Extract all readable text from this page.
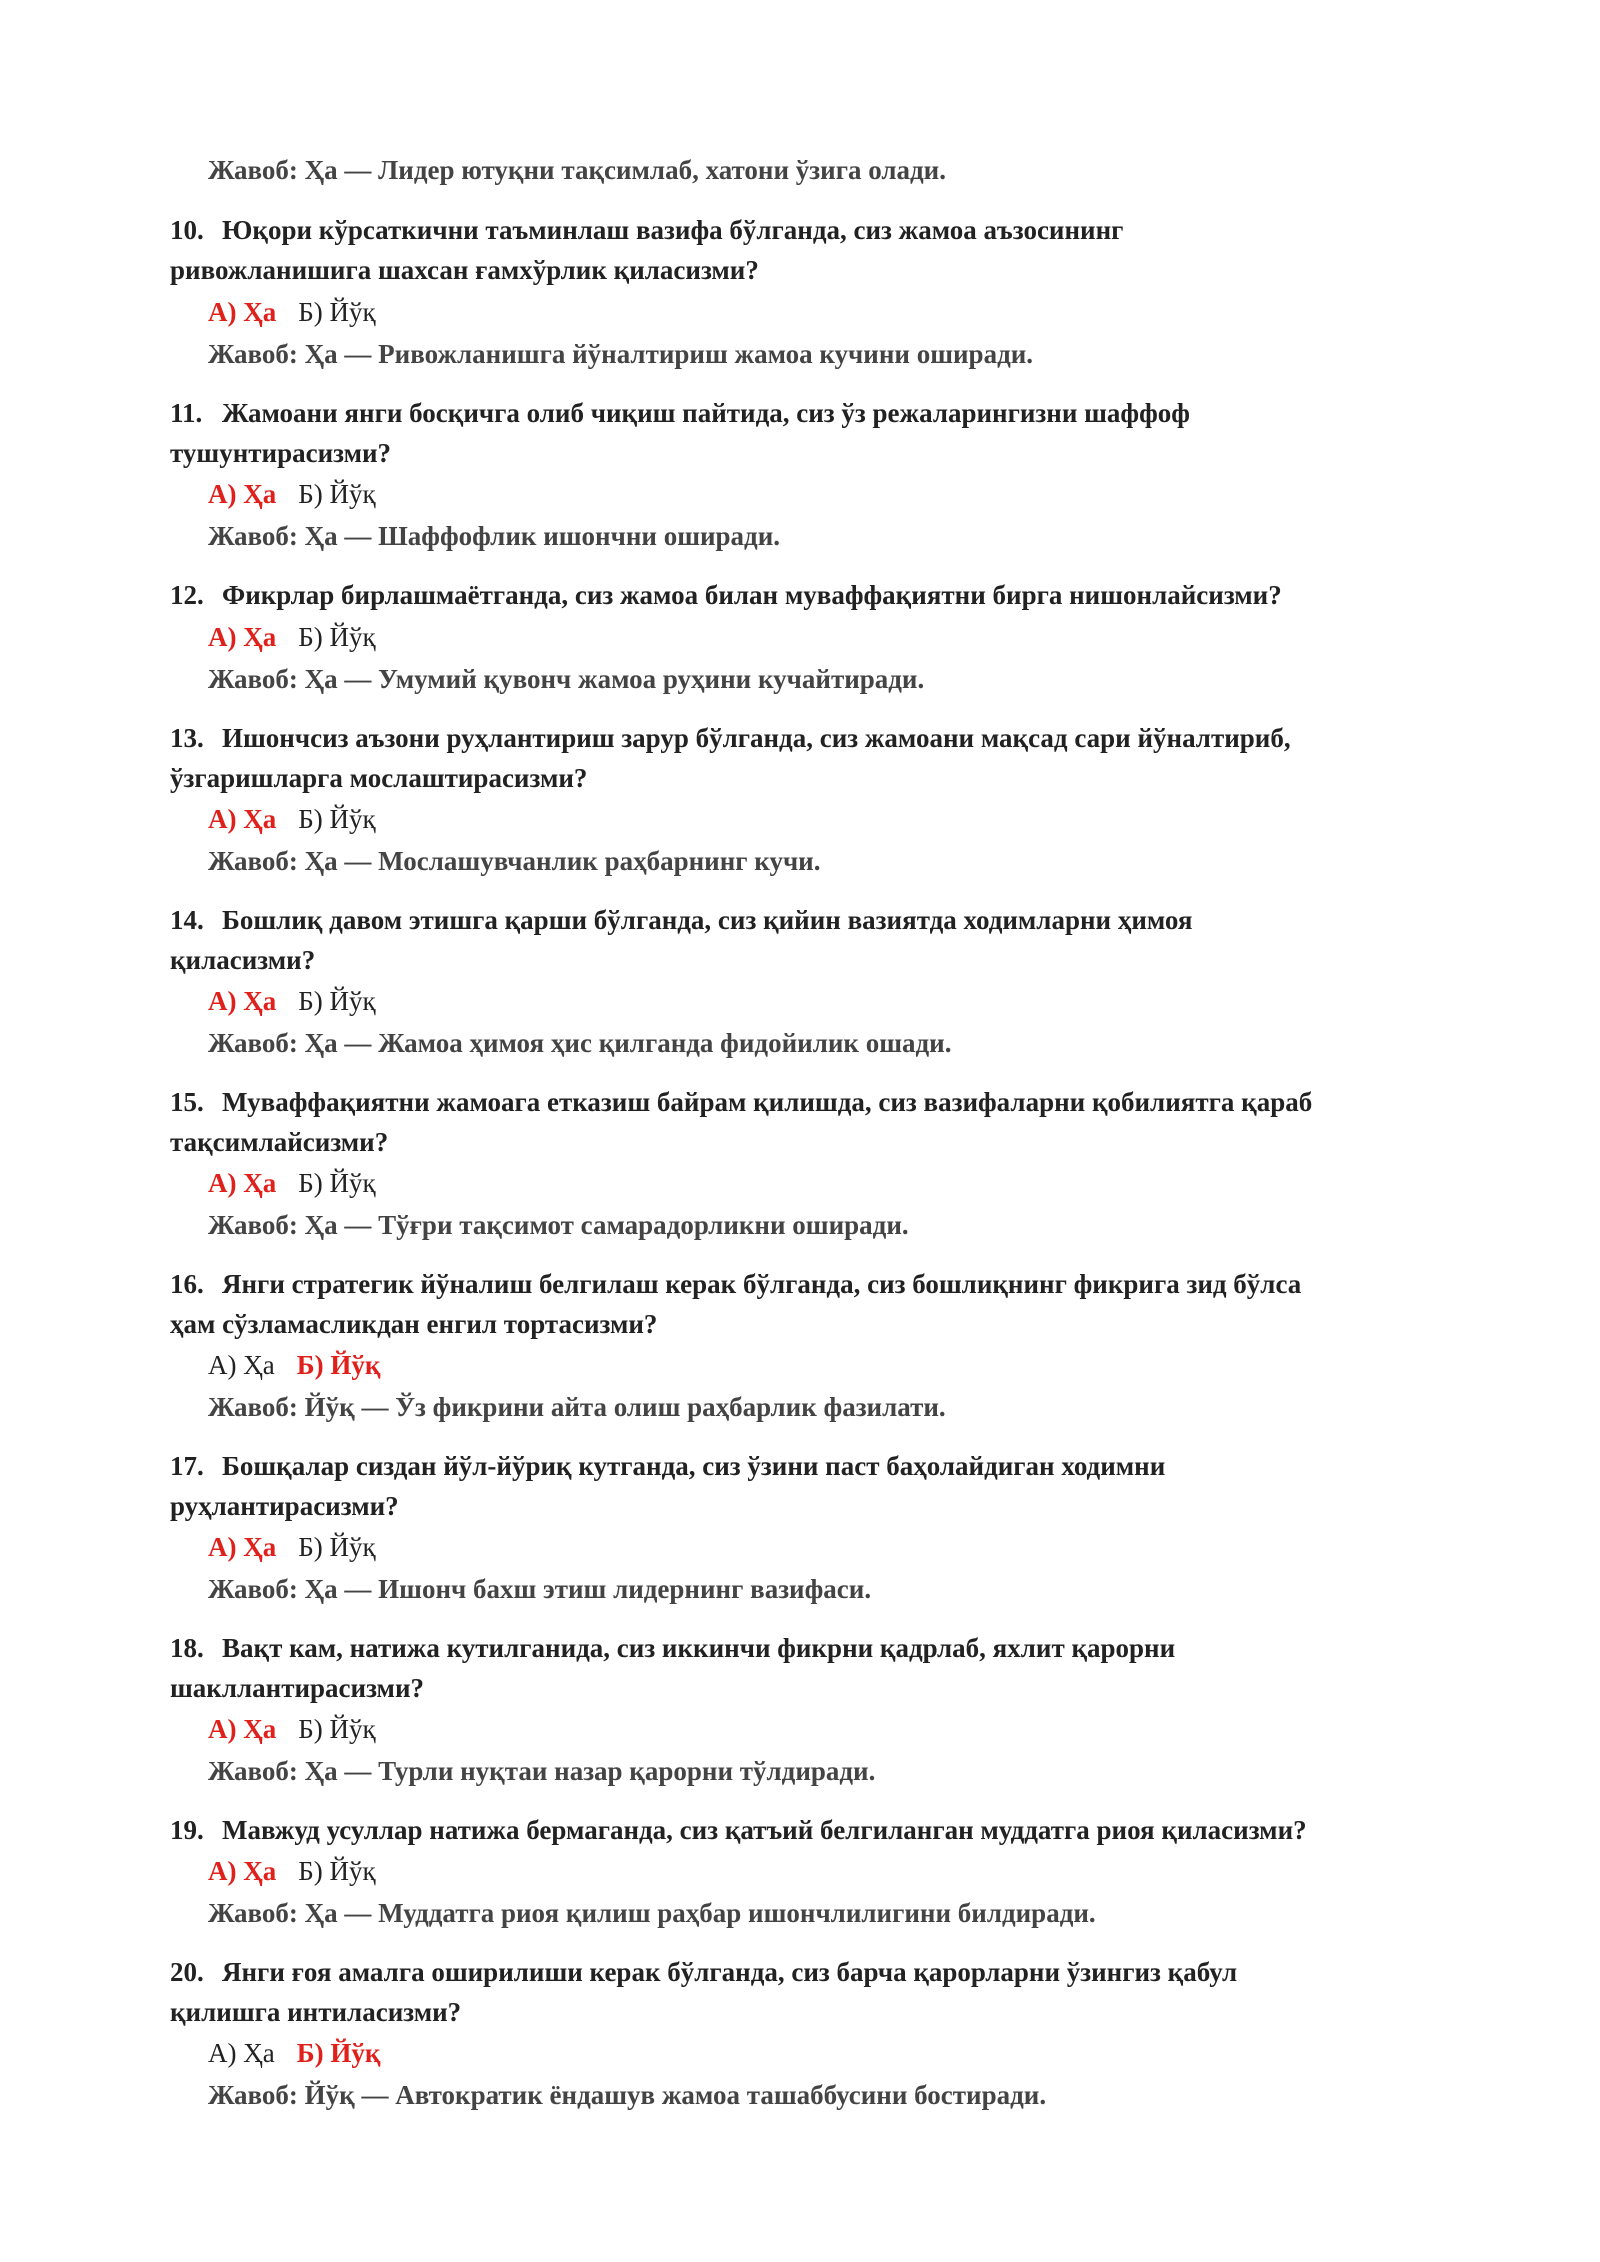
Жавоб: Ҳа — Лидер ютуқни тақсимлаб, хатони ўзига олади.
10. Юқори кўрсаткични таъминлаш вазифа бўлганда, сиз жамоа аъзосининг
ривожланишига шахсан ғамхўрлик қиласизми?
А) Ҳа Б) Йўқ
Жавоб: Ҳа — Ривожланишга йўналтириш жамоа кучини оширади.
11. Жамоани янги босқичга олиб чиқиш пайтида, сиз ўз режаларингизни шаффоф
тушунтирасизми?
А) Ҳа Б) Йўқ
Жавоб: Ҳа — Шаффофлик ишончни оширади.
12. Фикрлар бирлашмаётганда, сиз жамоа билан муваффақиятни бирга нишонлайсизми?
А) Ҳа Б) Йўқ
Жавоб: Ҳа — Умумий қувонч жамоа руҳини кучайтиради.
13. Ишончсиз аъзони руҳлантириш зарур бўлганда, сиз жамоани мақсад сари йўналтириб,
ўзгаришларга мослаштирасизми?
А) Ҳа Б) Йўқ
Жавоб: Ҳа — Мослашувчанлик раҳбарнинг кучи.
14. Бошлиқ давом этишга қарши бўлганда, сиз қийин вазиятда ходимларни ҳимоя
қиласизми?
А) Ҳа Б) Йўқ
Жавоб: Ҳа — Жамоа ҳимоя ҳис қилганда фидойилик ошади.
15. Муваффақиятни жамоага етказиш байрам қилишда, сиз вазифаларни қобилиятга қараб
тақсимлайсизми?
А) Ҳа Б) Йўқ
Жавоб: Ҳа — Тўғри тақсимот самарадорликни оширади.
16. Янги стратегик йўналиш белгилаш керак бўлганда, сиз бошлиқнинг фикрига зид бўлса
ҳам сўзламасликдан енгил тортасизми?
А) Ҳа Б) Йўқ
Жавоб: Йўқ — Ўз фикрини айта олиш раҳбарлик фазилати.
17. Бошқалар сиздан йўл-йўриқ кутганда, сиз ўзини паст баҳолайдиган ходимни
руҳлантирасизми?
А) Ҳа Б) Йўқ
Жавоб: Ҳа — Ишонч бахш этиш лидернинг вазифаси.
18. Вақт кам, натижа кутилганида, сиз иккинчи фикрни қадрлаб, яхлит қарорни
шакллантирасизми?
А) Ҳа Б) Йўқ
Жавоб: Ҳа — Турли нуқтаи назар қарорни тўлдиради.
19. Мавжуд усуллар натижа бермаганда, сиз қатъий белгиланган муддатга риоя қиласизми?
А) Ҳа Б) Йўқ
Жавоб: Ҳа — Муддатга риоя қилиш раҳбар ишончлилигини билдиради.
20. Янги ғоя амалга оширилиши керак бўлганда, сиз барча қарорларни ўзингиз қабул
қилишга интиласизми?
А) Ҳа Б) Йўқ
Жавоб: Йўқ — Автократик ёндашув жамоа ташаббусини бостиради.
